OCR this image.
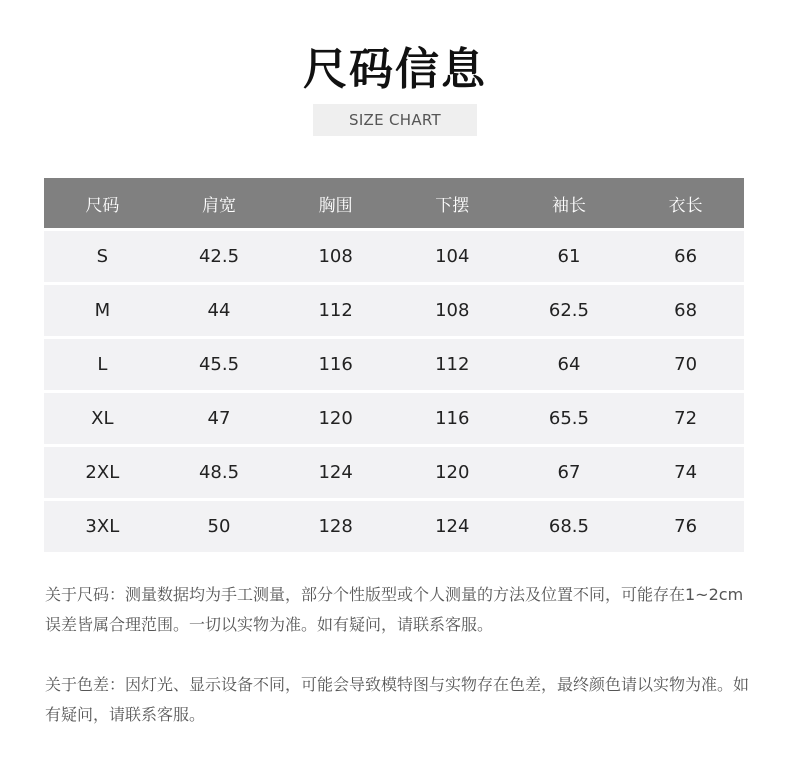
尺码信息
SIZE CHART
尺码	肩宽	胸围	下摆	袖长	衣长
S	42.5	108	104	61	66
M	44	112	108	62.5	68
L	45.5	116	112	64	70
XL	47	120	116	65.5	72
2XL	48.5	124	120	67	74
3XL	50	128	124	68.5	76
关于尺码：测量数据均为手工测量，部分个性版型或个人测量的方法及位置不同，可能存在1~2cm误差皆属合理范围。一切以实物为准。如有疑问，请联系客服。
关于色差：因灯光、显示设备不同，可能会导致模特图与实物存在色差，最终颜色请以实物为准。如有疑问，请联系客服。
